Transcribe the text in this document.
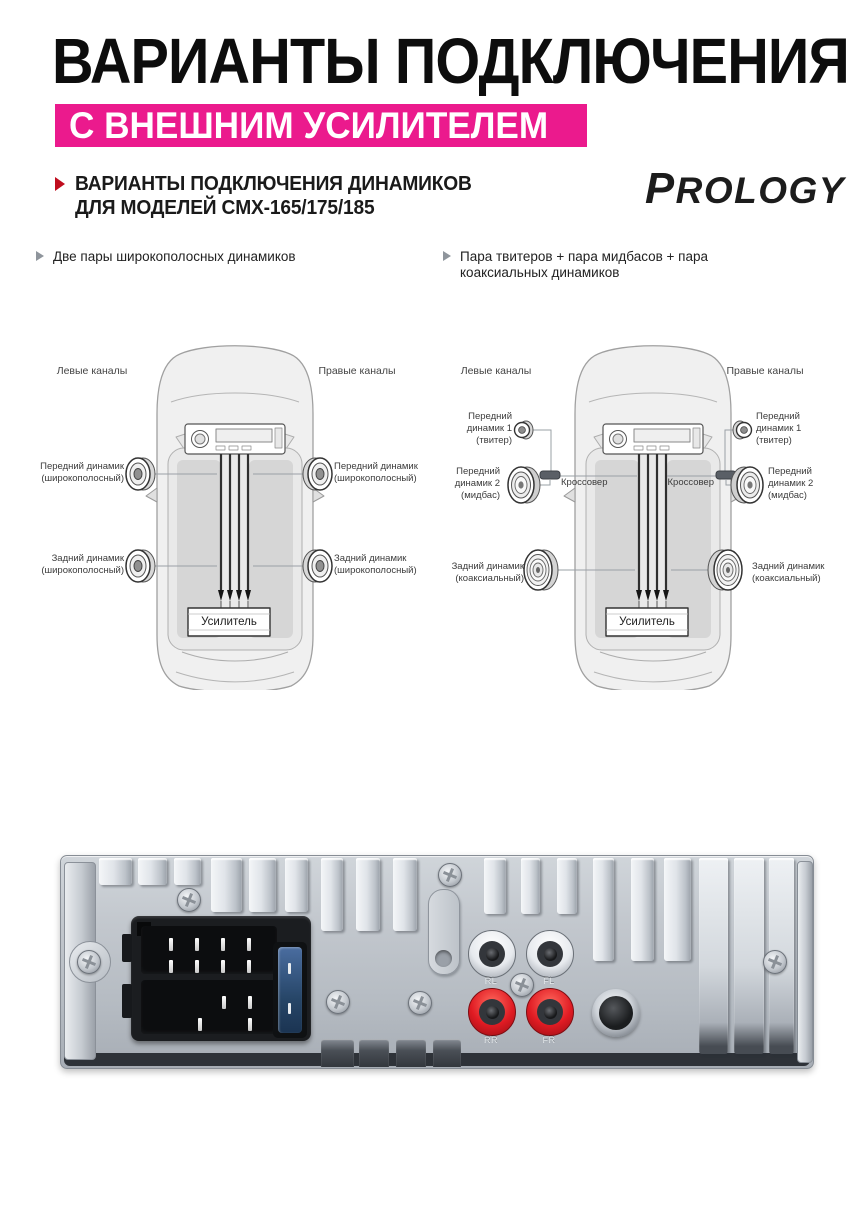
ВАРИАНТЫ ПОДКЛЮЧЕНИЯ
С ВНЕШНИМ УСИЛИТЕЛЕМ
ВАРИАНТЫ ПОДКЛЮЧЕНИЯ ДИНАМИКОВ
ДЛЯ МОДЕЛЕЙ CMX-165/175/185	PROLOGY
Две пары широкополосных динамиков	Пара твитеров + пара мидбасов + пара коаксиальных динамиков
Левые каналы	Правые каналы
Передний динамик
(широкополосный)
Передний динамик
(широкополосный)
Задний динамик
(широкополосный)
Задний динамик
(широкополосный)
Усилитель
Левые каналы	Правые каналы
Передний
динамик 1
(твитер)
Передний
динамик 1
(твитер)
Передний
динамик 2
(мидбас)
Передний
динамик 2
(мидбас)
Кроссовер	Кроссовер
Задний динамик
(коаксиальный)
Задний динамик
(коаксиальный)
Усилитель
RL	FL
RR	FR
